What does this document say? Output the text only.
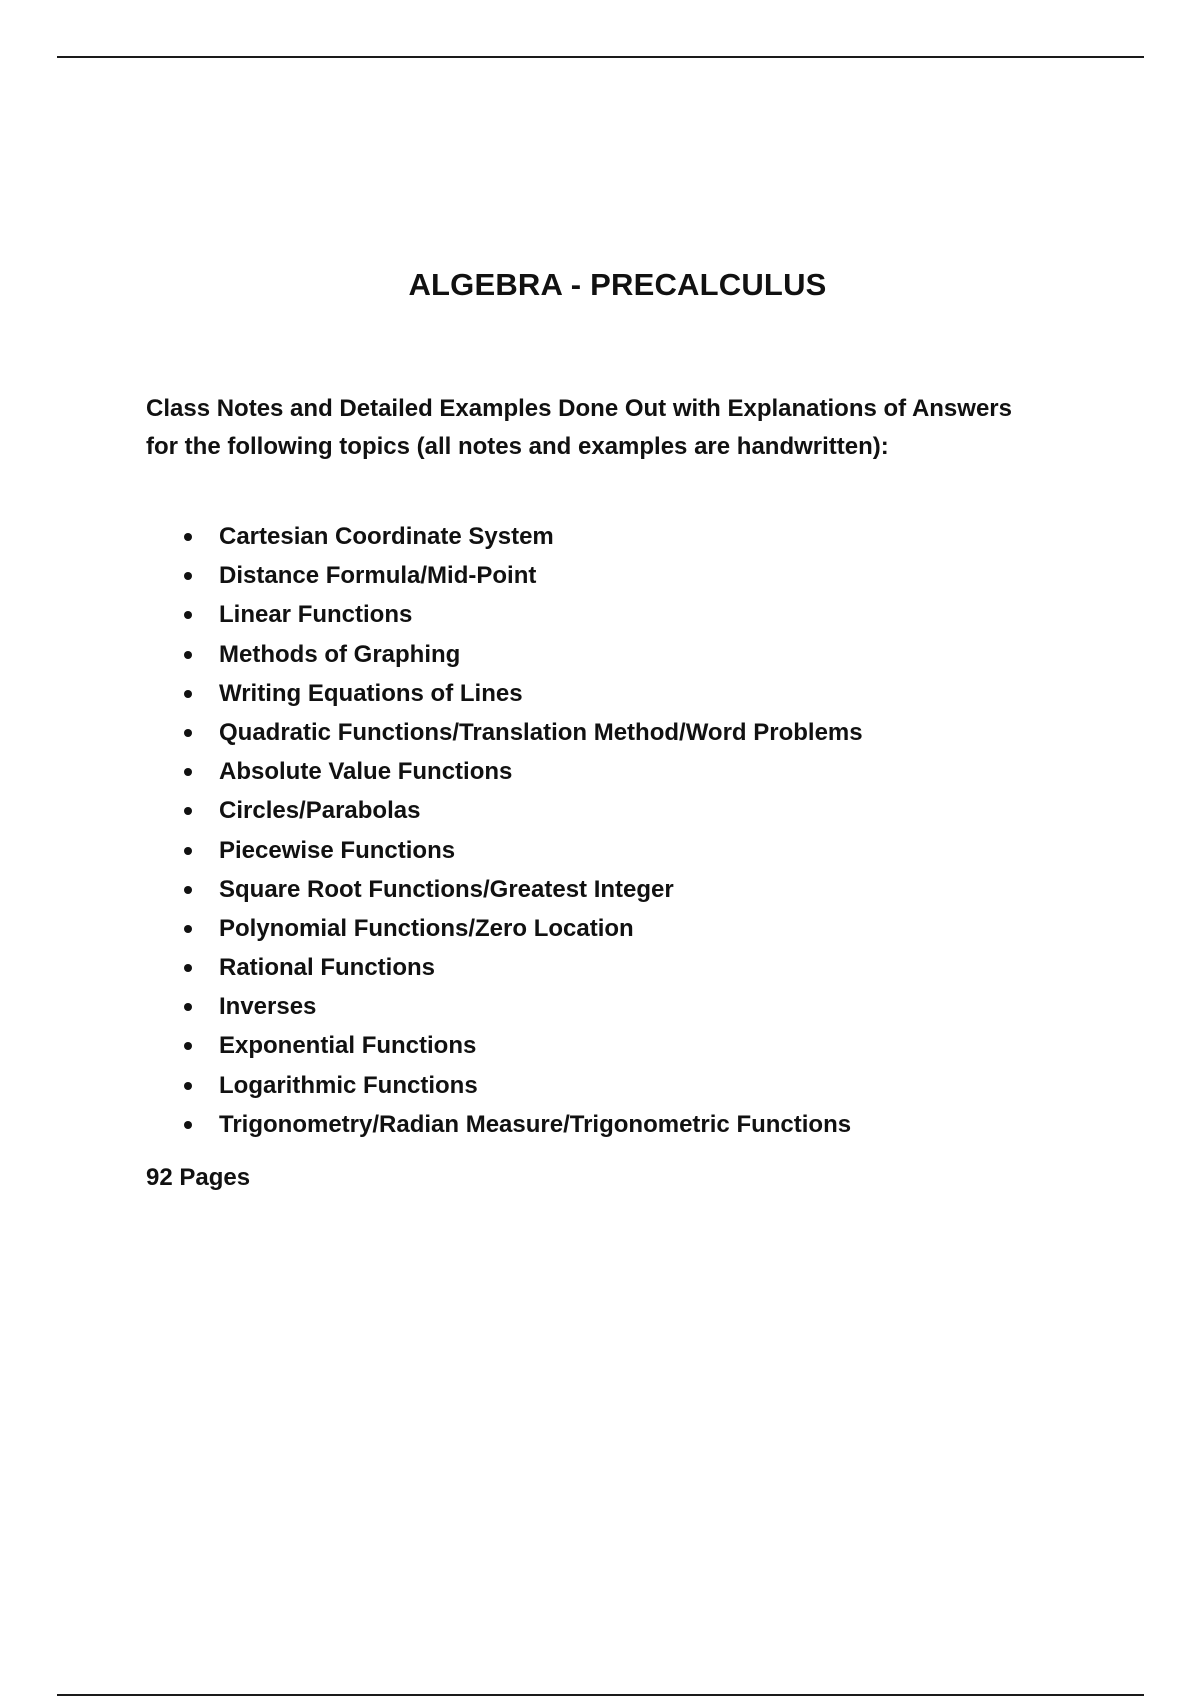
ALGEBRA - PRECALCULUS

Class Notes and Detailed Examples Done Out with Explanations of Answers for the following topics (all notes and examples are handwritten):

Cartesian Coordinate System
Distance Formula/Mid-Point
Linear Functions
Methods of Graphing
Writing Equations of Lines
Quadratic Functions/Translation Method/Word Problems
Absolute Value Functions
Circles/Parabolas
Piecewise Functions
Square Root Functions/Greatest Integer
Polynomial Functions/Zero Location
Rational Functions
Inverses
Exponential Functions
Logarithmic Functions
Trigonometry/Radian Measure/Trigonometric Functions

92 Pages
